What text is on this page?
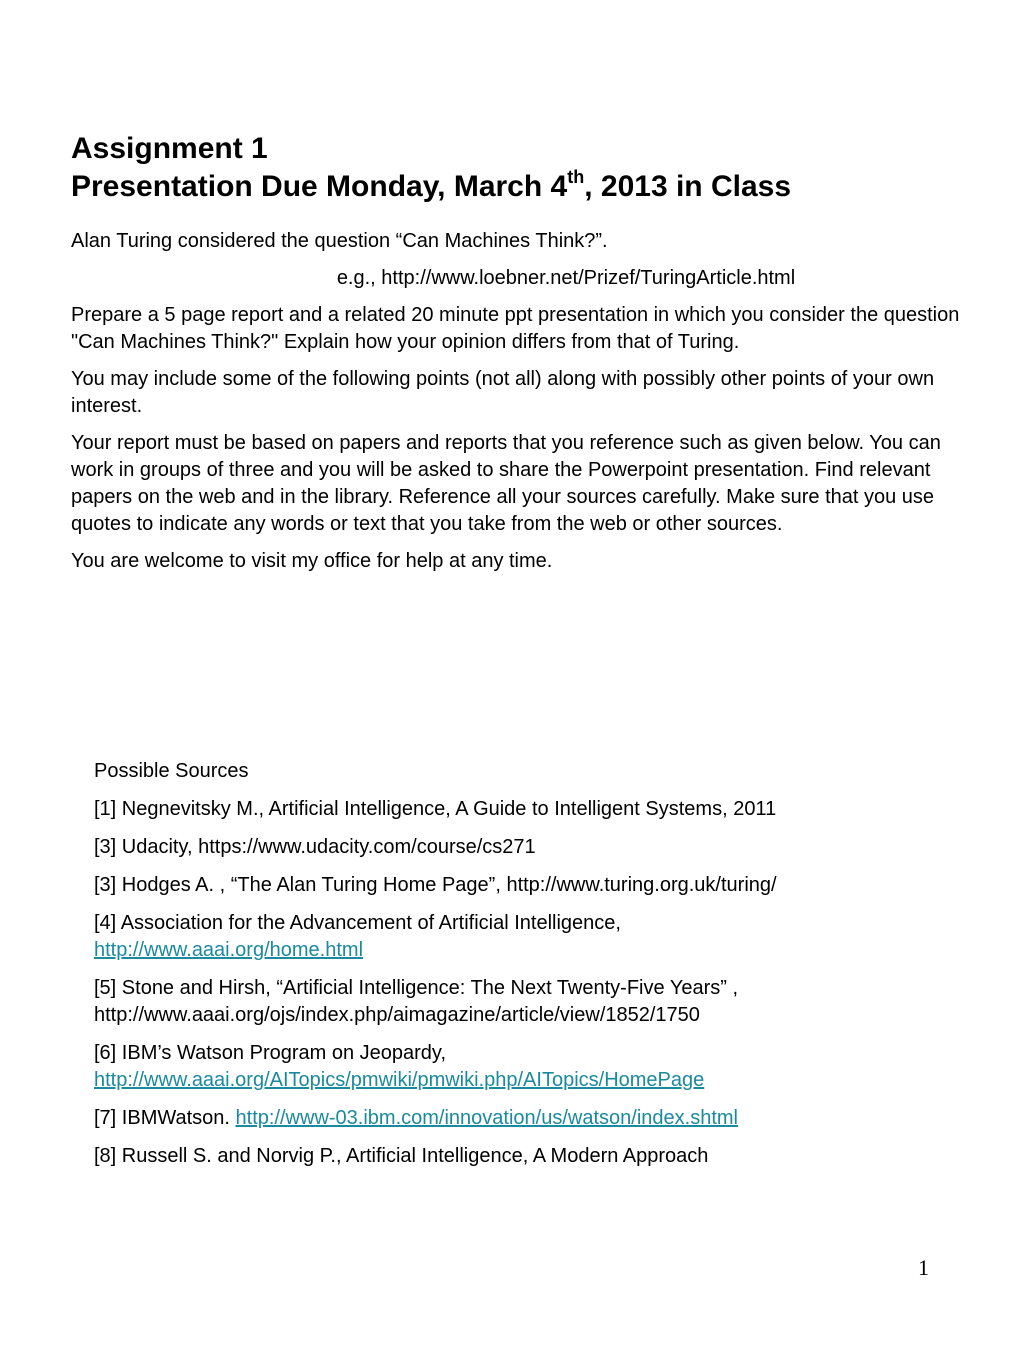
Assignment 1

Presentation Due Monday, March 4th, 2013 in Class

Alan Turing considered the question “Can Machines Think?”.

e.g., http://www.loebner.net/Prizef/TuringArticle.html

Prepare a 5 page report and a related 20 minute ppt presentation in which you consider the question "Can Machines Think?" Explain how your opinion differs from that of Turing.

You may include some of the following points (not all) along with possibly other points of your own interest.

Your report must be based on papers and reports that you reference such as given below. You can work in groups of three and you will be asked to share the Powerpoint presentation. Find relevant papers on the web and in the library. Reference all your sources carefully. Make sure that you use quotes to indicate any words or text that you take from the web or other sources.

You are welcome to visit my office for help at any time.

Possible Sources

[1] Negnevitsky M., Artificial Intelligence, A Guide to Intelligent Systems, 2011

[3] Udacity, https://www.udacity.com/course/cs271

[3] Hodges A. , “The Alan Turing Home Page”, http://www.turing.org.uk/turing/

[4] Association for the Advancement of Artificial Intelligence,
http://www.aaai.org/home.html

[5] Stone and Hirsh, “Artificial Intelligence: The Next Twenty-Five Years” ,
http://www.aaai.org/ojs/index.php/aimagazine/article/view/1852/1750

[6] IBM’s Watson Program on Jeopardy,
http://www.aaai.org/AITopics/pmwiki/pmwiki.php/AITopics/HomePage

[7] IBMWatson. http://www-03.ibm.com/innovation/us/watson/index.shtml

[8] Russell S. and Norvig P., Artificial Intelligence, A Modern Approach

1
